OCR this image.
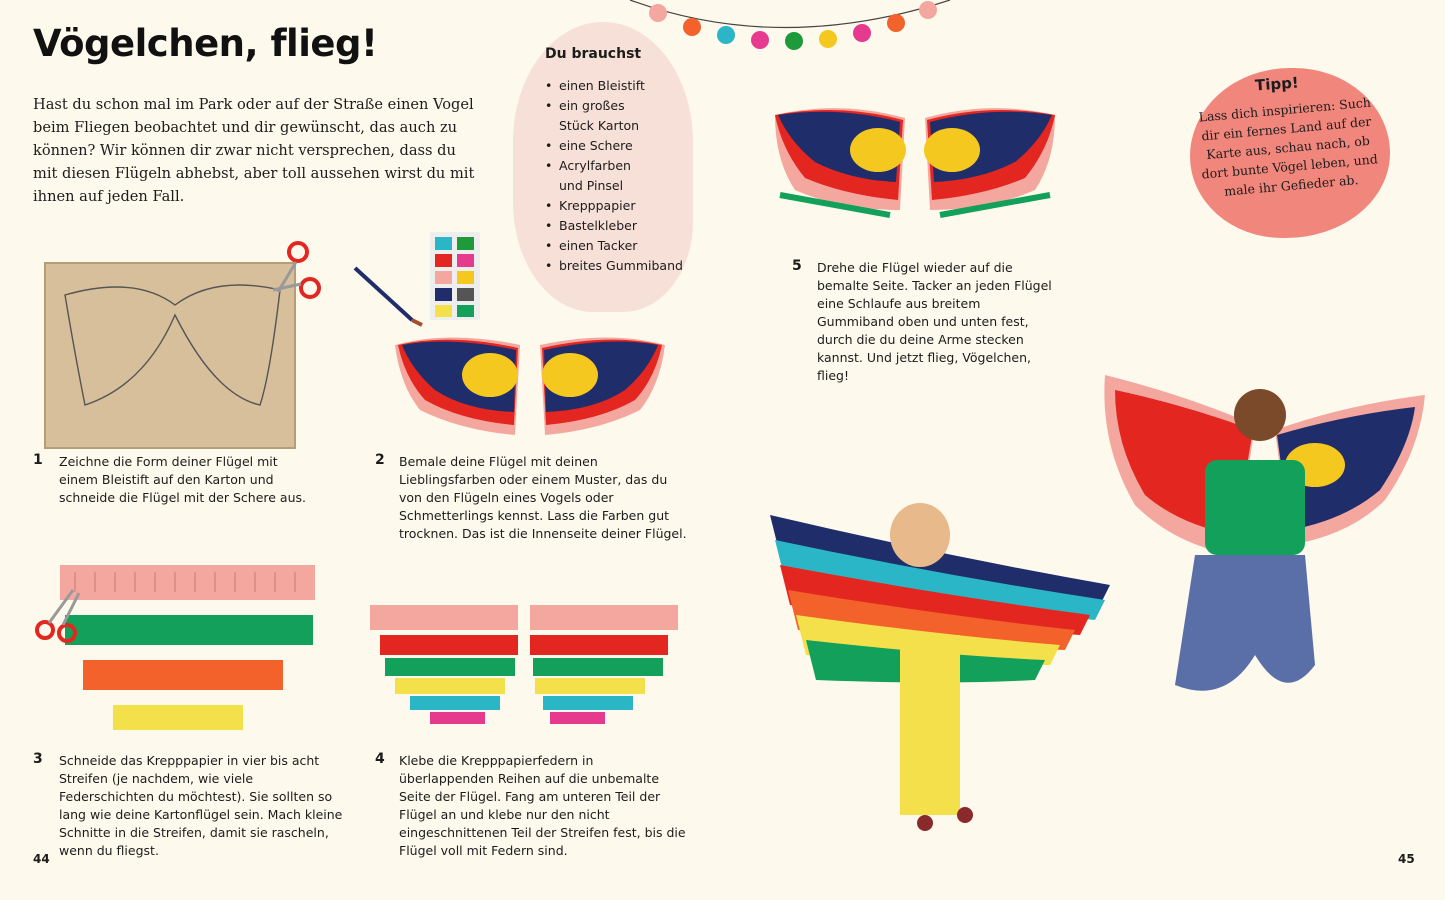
Vögelchen, flieg!

Hast du schon mal im Park oder auf der Straße einen Vogel beim Fliegen beobachtet und dir gewünscht, das auch zu können? Wir können dir zwar nicht versprechen, dass du mit diesen Flügeln abhebst, aber toll aussehen wirst du mit ihnen auf jeden Fall.

Du brauchst
• einen Bleistift
• ein großes
Stück Karton
• eine Schere
• Acrylfarben
und Pinsel
• Krepppapier
• Bastelkleber
• einen Tacker
• breites Gummiband
1 Zeichne die Form deiner Flügel mit einem Bleistift auf den Karton und schneide die Flügel mit der Schere aus.

2 Bemale deine Flügel mit deinen Lieblingsfarben oder einem Muster, das du von den Flügeln eines Vogels oder Schmetterlings kennst. Lass die Farben gut trocknen. Das ist die Innenseite deiner Flügel.

3 Schneide das Krepppapier in vier bis acht Streifen (je nachdem, wie viele Federschichten du möchtest). Sie sollten so lang wie deine Kartonflügel sein. Mach kleine Schnitte in die Streifen, damit sie rascheln, wenn du fliegst.

4 Klebe die Krepppapierfedern in überlappenden Reihen auf die unbemalte Seite der Flügel. Fang am unteren Teil der Flügel an und klebe nur den nicht eingeschnittenen Teil der Streifen fest, bis die Flügel voll mit Federn sind.

5 Drehe die Flügel wieder auf die bemalte Seite. Tacker an jeden Flügel eine Schlaufe aus breitem Gummiband oben und unten fest, durch die du deine Arme stecken kannst. Und jetzt flieg, Vögelchen, flieg!

Tipp!

Lass dich inspirieren: Such dir ein fernes Land auf der Karte aus, schau nach, ob dort bunte Vögel leben, und male ihr Gefieder ab.

44	45
